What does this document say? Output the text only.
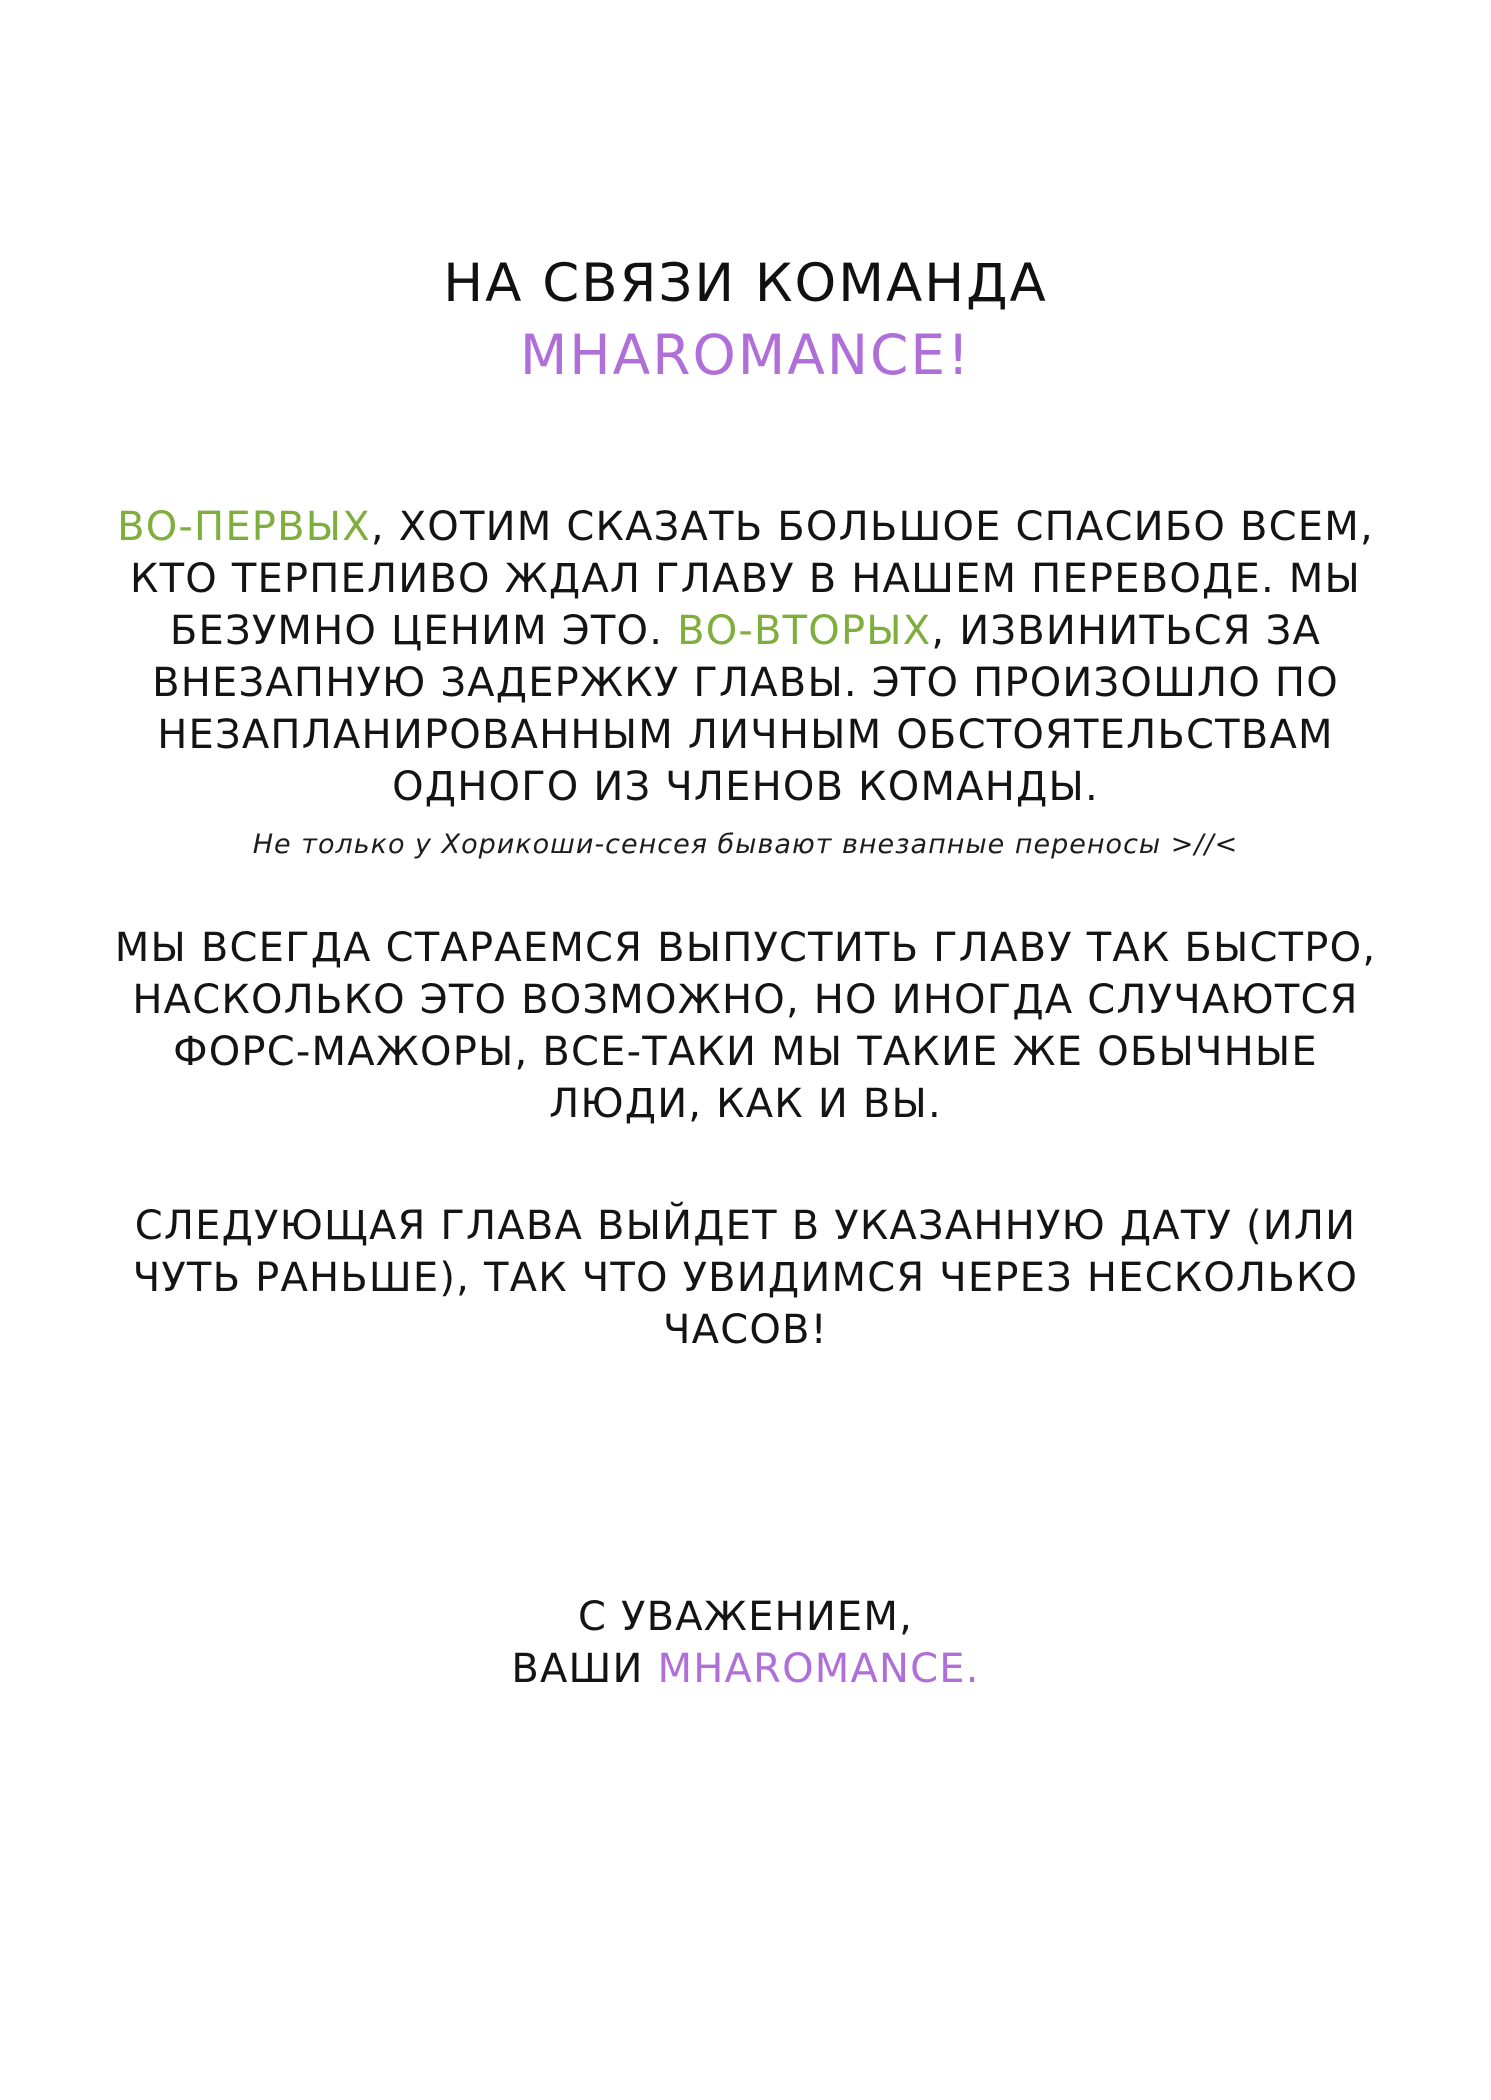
НА СВЯЗИ КОМАНДА
MHAROMANCE!
ВО-ПЕРВЫХ, ХОТИМ СКАЗАТЬ БОЛЬШОЕ СПАСИБО ВСЕМ, КТО ТЕРПЕЛИВО ЖДАЛ ГЛАВУ В НАШЕМ ПЕРЕВОДЕ. МЫ БЕЗУМНО ЦЕНИМ ЭТО. ВО-ВТОРЫХ, ИЗВИНИТЬСЯ ЗА ВНЕЗАПНУЮ ЗАДЕРЖКУ ГЛАВЫ. ЭТО ПРОИЗОШЛО ПО НЕЗАПЛАНИРОВАННЫМ ЛИЧНЫМ ОБСТОЯТЕЛЬСТВАМ ОДНОГО ИЗ ЧЛЕНОВ КОМАНДЫ.
Не только у Хорикоши-сенсея бывают внезапные переносы >//<
МЫ ВСЕГДА СТАРАЕМСЯ ВЫПУСТИТЬ ГЛАВУ ТАК БЫСТРО, НАСКОЛЬКО ЭТО ВОЗМОЖНО, НО ИНОГДА СЛУЧАЮТСЯ ФОРС-МАЖОРЫ, ВСЕ-ТАКИ МЫ ТАКИЕ ЖЕ ОБЫЧНЫЕ ЛЮДИ, КАК И ВЫ.
СЛЕДУЮЩАЯ ГЛАВА ВЫЙДЕТ В УКАЗАННУЮ ДАТУ (ИЛИ ЧУТЬ РАНЬШЕ), ТАК ЧТО УВИДИМСЯ ЧЕРЕЗ НЕСКОЛЬКО ЧАСОВ!
С УВАЖЕНИЕМ,
ВАШИ MHAROMANCE.
